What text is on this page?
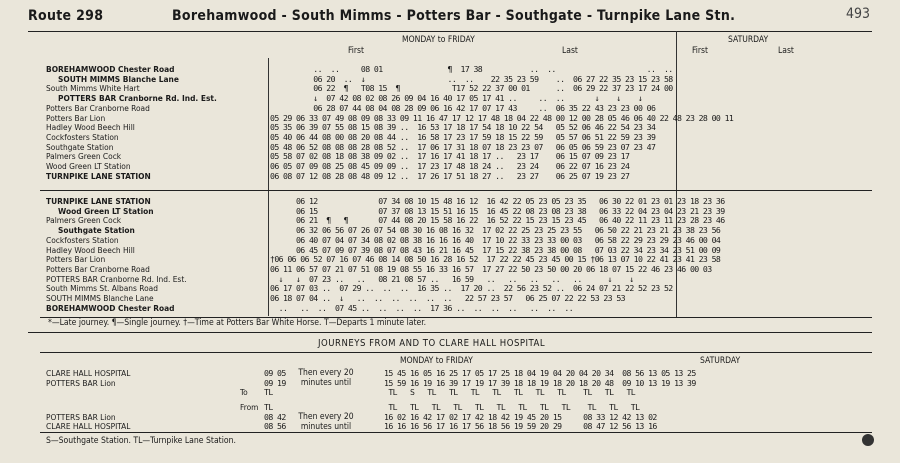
Route 298	Borehamwood - South Mimms - Potters Bar - Southgate - Turnpike Lane Stn.	493
MONDAY to FRIDAY	SATURDAY
First	Last	First	Last
BOREHAMWOOD Chester Road	..  ..     08 01               ¶  17 38           ..  ..                     ..  ..
SOUTH MIMMS Blanche Lane	06 20  ..  ↓                   ..  ..    22 35 23 59    ..  06 27 22 35 23 15 23 58
South Mimms White Hart	06 22  ¶   T08 15  ¶            T17 52 22 37 00 01      ..  06 29 22 37 23 17 24 00
POTTERS BAR Cranborne Rd. Ind. Est.	↓  07 42 08 02 08 26 09 04 16 40 17 05 17 41 ..     ..  ..       ↓    ↓    ↓
Potters Bar Cranborne Road	06 28 07 44 08 04 08 28 09 06 16 42 17 07 17 43     ..  06 35 22 43 23 23 00 06
Potters Bar Lion	05 29 06 33 07 49 08 09 08 33 09 11 16 47 17 12 17 48 18 04 22 48 00 12 00 28 05 46 06 40 22 48 23 28 00 11
Hadley Wood Beech Hill	05 35 06 39 07 55 08 15 08 39 ..  16 53 17 18 17 54 18 10 22 54   05 52 06 46 22 54 23 34
Cockfosters Station	05 40 06 44 08 00 08 20 08 44 ..  16 58 17 23 17 59 18 15 22 59   05 57 06 51 22 59 23 39
Southgate Station	05 48 06 52 08 08 08 28 08 52 ..  17 06 17 31 18 07 18 23 23 07   06 05 06 59 23 07 23 47
Palmers Green Cock	05 58 07 02 08 18 08 38 09 02 ..  17 16 17 41 18 17 ..   23 17    06 15 07 09 23 17
Wood Green LT Station	06 05 07 09 08 25 08 45 09 09 ..  17 23 17 48 18 24 ..   23 24    06 22 07 16 23 24
TURNPIKE LANE STATION	06 08 07 12 08 28 08 48 09 12 ..  17 26 17 51 18 27 ..   23 27    06 25 07 19 23 27
TURNPIKE LANE STATION	06 12              07 34 08 10 15 48 16 12  16 42 22 05 23 05 23 35   06 30 22 01 23 01 23 18 23 36
Wood Green LT Station	06 15              07 37 08 13 15 51 16 15  16 45 22 08 23 08 23 38   06 33 22 04 23 04 23 21 23 39
Palmers Green Cock	06 21  ¶   ¶       07 44 08 20 15 58 16 22  16 52 22 15 23 15 23 45   06 40 22 11 23 11 23 28 23 46
Southgate Station	06 32 06 56 07 26 07 54 08 30 16 08 16 32  17 02 22 25 23 25 23 55   06 50 22 21 23 21 23 38 23 56
Cockfosters Station	06 40 07 04 07 34 08 02 08 38 16 16 16 40  17 10 22 33 23 33 00 03   06 58 22 29 23 29 23 46 00 04
Hadley Wood Beech Hill	06 45 07 09 07 39 08 07 08 43 16 21 16 45  17 15 22 38 23 38 00 08   07 03 22 34 23 34 23 51 00 09
Potters Bar Lion	†06 06 06 52 07 16 07 46 08 14 08 50 16 28 16 52  17 22 22 45 23 45 00 15 †06 13 07 10 22 41 23 41 23 58
Potters Bar Cranborne Road	06 11 06 57 07 21 07 51 08 19 08 55 16 33 16 57  17 27 22 50 23 50 00 20 06 18 07 15 22 46 23 46 00 03
POTTERS BAR Cranborne Rd. Ind. Est.	↓   ↓  07 23 ..   ..   08 21 08 57 ..   16 59   ..   ..   ..   ..   ..      ↓    ↓
South Mimms St. Albans Road	06 17 07 03 ..  07 29 ..  ..  ..  16 35 ..  17 20 ..  22 56 23 52 ..  06 24 07 21 22 52 23 52
SOUTH MIMMS Blanche Lane	06 18 07 04 ..  ↓   ..  ..  ..  ..  ..  ..   22 57 23 57   06 25 07 22 22 53 23 53
BOREHAMWOOD Chester Road	..   ..  ..  07 45 ..  ..  ..  ..  17 36 ..  ..  ..  ..   ..  ..  ..
*—Late journey. ¶—Single journey. †—Time at Potters Bar White Horse. T—Departs 1 minute later.
JOURNEYS FROM AND TO CLARE HALL HOSPITAL
MONDAY to FRIDAY	SATURDAY
CLARE HALL HOSPITAL	09 05	15 45 16 05 16 25 17 05 17 25 18 04 19 04 20 04 20 34  08 56 13 05 13 25
POTTERS BAR Lion	09 19	15 59 16 19 16 39 17 19 17 39 18 18 19 18 20 18 20 48  09 10 13 19 13 39
To TL	TL   S   TL   TL   TL   TL   TL   TL   TL    TL   TL   TL
From TL	TL   TL   TL   TL   TL   TL   TL   TL   TL    TL   TL   TL
POTTERS BAR Lion	08 42	16 02 16 42 17 02 17 42 18 42 19 45 20 15     08 33 12 42 13 02
CLARE HALL HOSPITAL	08 56	16 16 16 56 17 16 17 56 18 56 19 59 20 29     08 47 12 56 13 16
Then every 20 minutes until
Then every 20 minutes until
S—Southgate Station. TL—Turnpike Lane Station.
